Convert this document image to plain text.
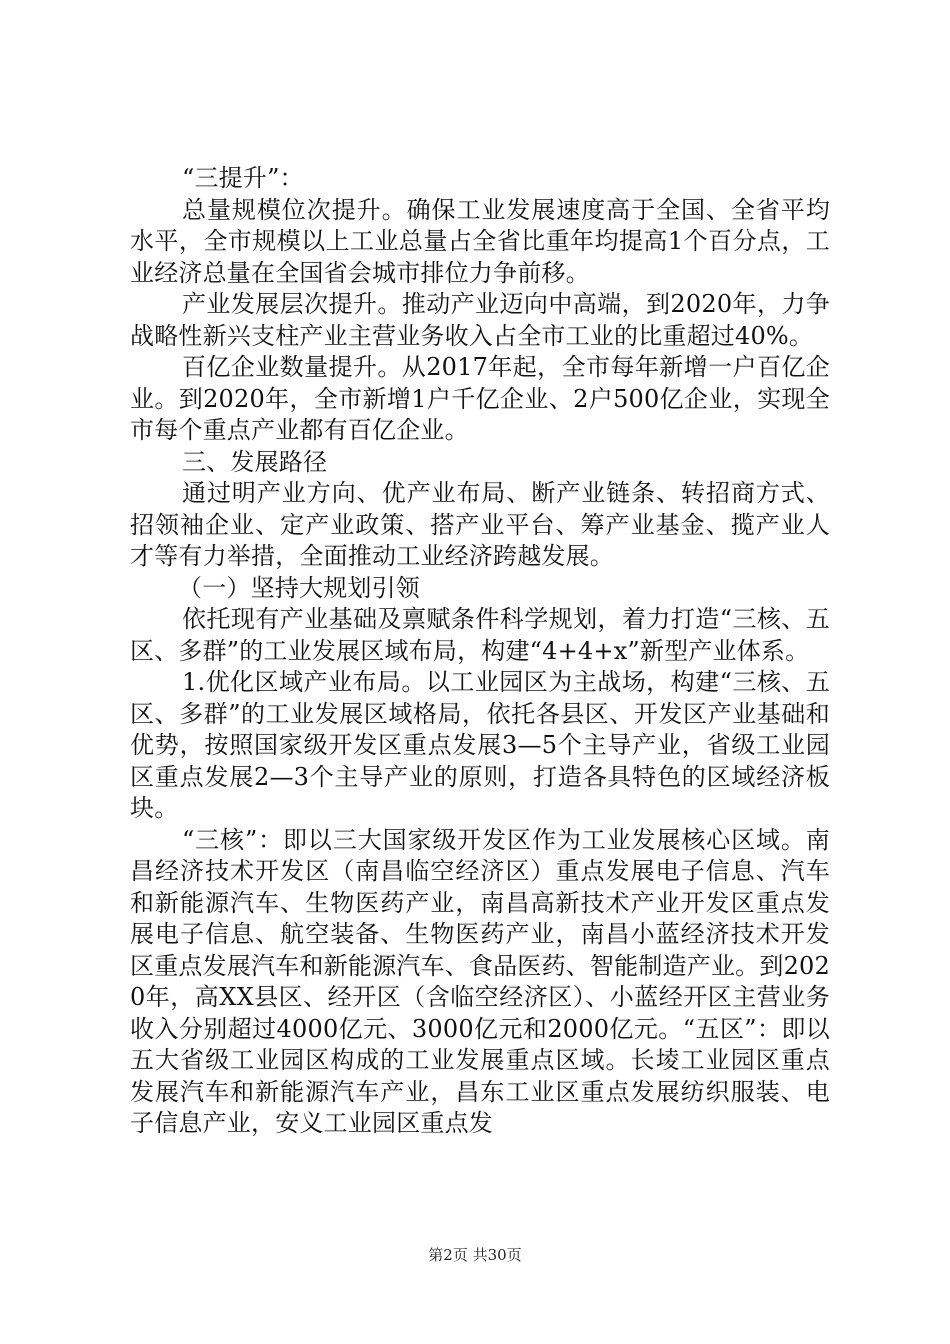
“三提升”：

总量规模位次提升。确保工业发展速度高于全国、全省平均水平，全市规模以上工业总量占全省比重年均提高1个百分点，工业经济总量在全国省会城市排位力争前移。

产业发展层次提升。推动产业迈向中高端，到2020年，力争战略性新兴支柱产业主营业务收入占全市工业的比重超过40%。

百亿企业数量提升。从2017年起，全市每年新增一户百亿企业。到2020年，全市新增1户千亿企业、2户500亿企业，实现全市每个重点产业都有百亿企业。

三、发展路径

通过明产业方向、优产业布局、断产业链条、转招商方式、招领袖企业、定产业政策、搭产业平台、筹产业基金、揽产业人才等有力举措，全面推动工业经济跨越发展。

（一）坚持大规划引领

依托现有产业基础及禀赋条件科学规划，着力打造“三核、五区、多群”的工业发展区域布局，构建“4+4+x”新型产业体系。

1.优化区域产业布局。以工业园区为主战场，构建“三核、五区、多群”的工业发展区域格局，依托各县区、开发区产业基础和优势，按照国家级开发区重点发展3—5个主导产业，省级工业园区重点发展2—3个主导产业的原则，打造各具特色的区域经济板块。

“三核”：即以三大国家级开发区作为工业发展核心区域。南昌经济技术开发区（南昌临空经济区）重点发展电子信息、汽车和新能源汽车、生物医药产业，南昌高新技术产业开发区重点发展电子信息、航空装备、生物医药产业，南昌小蓝经济技术开发区重点发展汽车和新能源汽车、食品医药、智能制造产业。到2020年，高XX县区、经开区（含临空经济区）、小蓝经开区主营业务收入分别超过4000亿元、3000亿元和2000亿元。“五区”：即以五大省级工业园区构成的工业发展重点区域。长堎工业园区重点发展汽车和新能源汽车产业，昌东工业区重点发展纺织服装、电子信息产业，安义工业园区重点发

第2页 共30页
